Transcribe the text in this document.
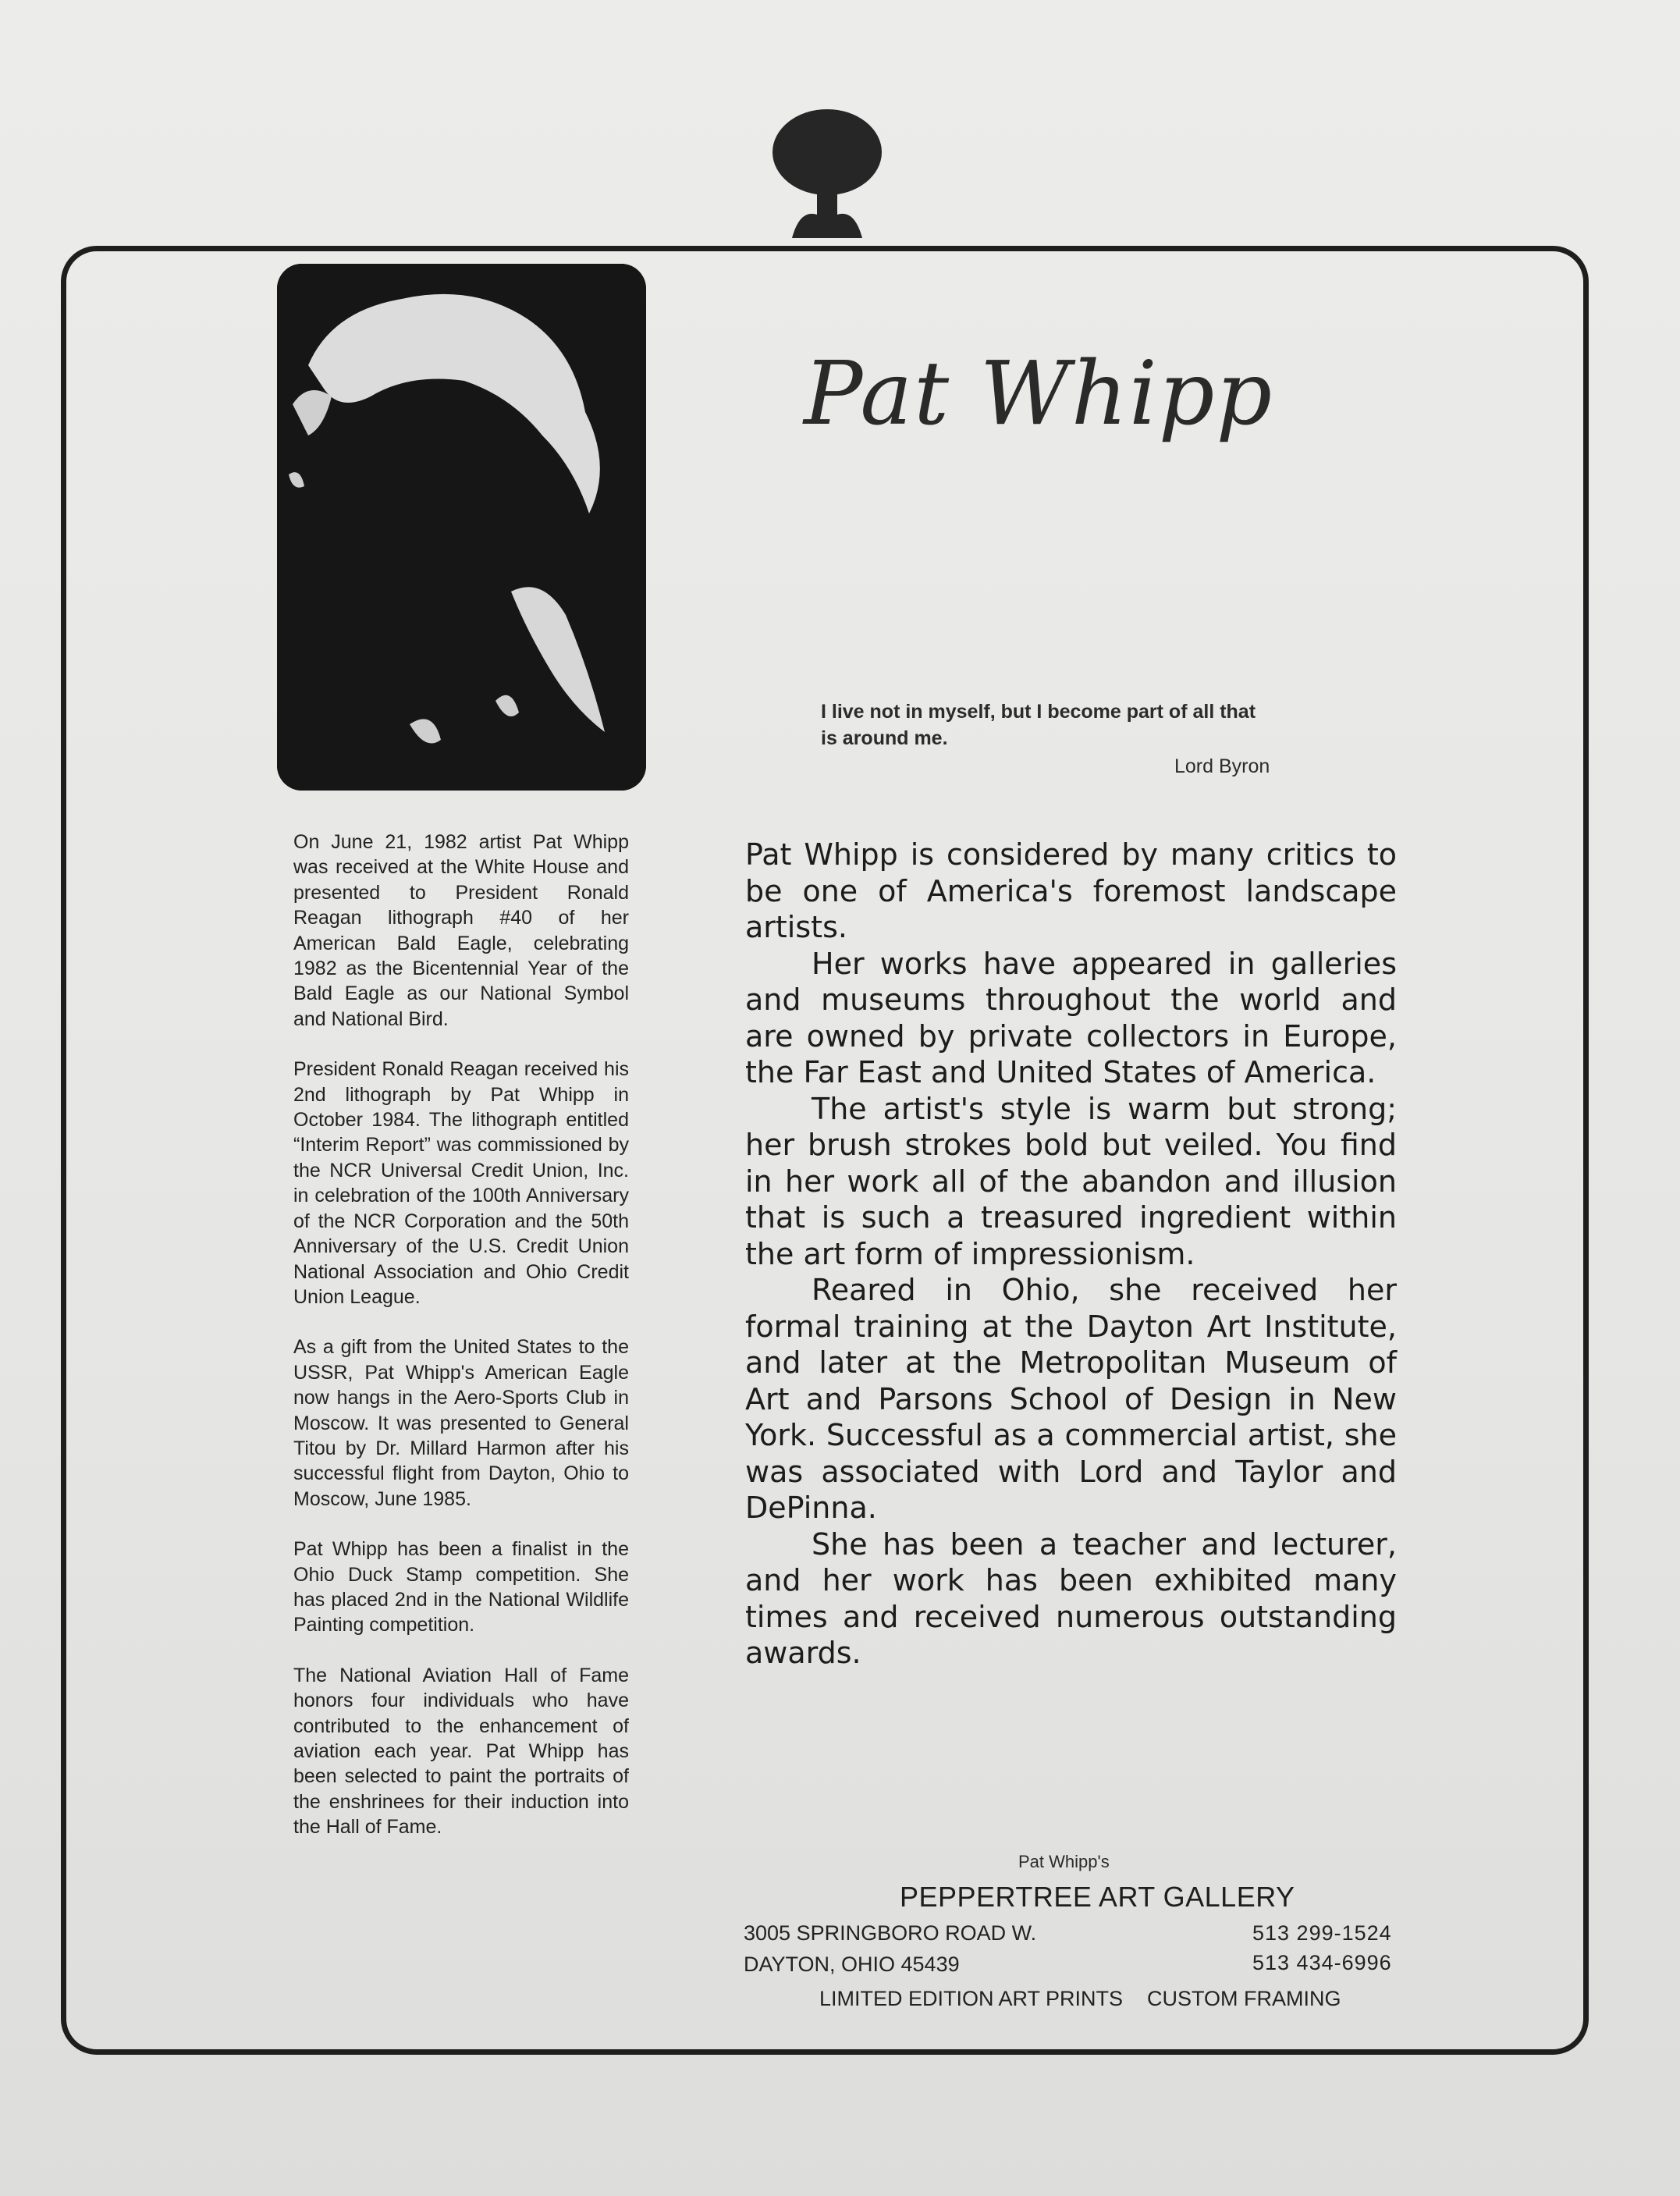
Pat Whipp
I live not in myself, but I become part of all that is around me.
Lord Byron

On June 21, 1982 artist Pat Whipp was received at the White House and presented to President Ronald Reagan lithograph #40 of her American Bald Eagle, celebrating 1982 as the Bicentennial Year of the Bald Eagle as our National Symbol and National Bird.

President Ronald Reagan received his 2nd lithograph by Pat Whipp in October 1984. The lithograph entitled “Interim Report” was commissioned by the NCR Universal Credit Union, Inc. in celebration of the 100th Anniversary of the NCR Corporation and the 50th Anniversary of the U.S. Credit Union National Association and Ohio Credit Union League.

As a gift from the United States to the USSR, Pat Whipp's American Eagle now hangs in the Aero-Sports Club in Moscow. It was presented to General Titou by Dr. Millard Harmon after his successful flight from Dayton, Ohio to Moscow, June 1985.

Pat Whipp has been a finalist in the Ohio Duck Stamp competition. She has placed 2nd in the National Wildlife Painting competition.

The National Aviation Hall of Fame honors four individuals who have contributed to the enhancement of aviation each year. Pat Whipp has been selected to paint the portraits of the enshrinees for their induction into the Hall of Fame.

Pat Whipp is considered by many critics to be one of America's foremost landscape artists.

Her works have appeared in galleries and museums throughout the world and are owned by private collectors in Europe, the Far East and United States of America.

The artist's style is warm but strong; her brush strokes bold but veiled. You find in her work all of the abandon and illusion that is such a treasured ingredient within the art form of impressionism.

Reared in Ohio, she received her formal training at the Dayton Art Institute, and later at the Metropolitan Museum of Art and Parsons School of Design in New York. Successful as a commercial artist, she was associated with Lord and Taylor and DePinna.

She has been a teacher and lecturer, and her work has been exhibited many times and received numerous outstanding awards.

Pat Whipp's
PEPPERTREE ART GALLERY
3005 SPRINGBORO ROAD W.
DAYTON, OHIO 45439
513 299-1524
513 434-6996
LIMITED EDITION ART PRINTS CUSTOM FRAMING
